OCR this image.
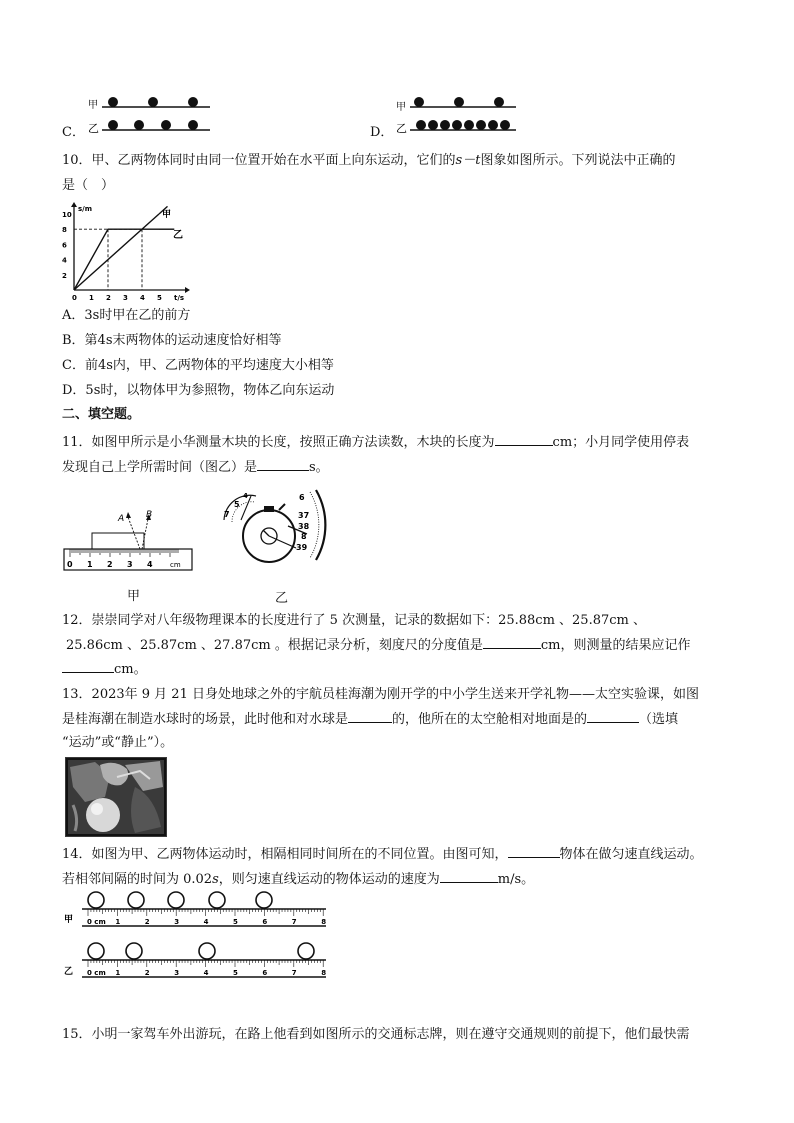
C．
甲
乙	D．
甲
乙
10．甲、乙两物体同时由同一位置开始在水平面上向东运动，它们的s－t图象如图所示。下列说法中正确的
是（　）
s/m
t/s
10
8
6
4
2
0 1 2 3 4 5
甲
乙
A．3s时甲在乙的前方
B．第4s末两物体的运动速度恰好相等
C．前4s内，甲、乙两物体的平均速度大小相等
D．5s时，以物体甲为参照物，物体乙向东运动
二、填空题。
11．如图甲所示是小华测量木块的长度，按照正确方法读数，木块的长度为	cm；小月同学使用停表
发现自己上学所需时间（图乙）是	s。
0 1 2 3 4
A B
cm
甲
7
5
4	6
37
38
8
39
乙
12．崇崇同学对八年级物理课本的长度进行了 5 次测量，记录的数据如下：25.88cm 、25.87cm 、
25.86cm 、25.87cm 、27.87cm 。根据记录分析，刻度尺的分度值是	cm，则测量的结果应记作
cm。
13．2023年 9 月 21 日身处地球之外的宇航员桂海潮为刚开学的中小学生送来开学礼物——太空实验课，如图
是桂海潮在制造水球时的场景，此时他和对水球是	的，他所在的太空舱相对地面是的	（选填
“运动”或“静止”）。
14．如图为甲、乙两物体运动时，相隔相同时间所在的不同位置。由图可知，	物体在做匀速直线运动。
若相邻间隔的时间为 0.02s，则匀速直线运动的物体运动的速度为	m/s。
甲
乙
0 cm 1	2	3	4	5	6	7	8
0 cm 1	2	3	4	5	6	7	8
15．小明一家驾车外出游玩，在路上他看到如图所示的交通标志牌，则在遵守交通规则的前提下，他们最快需
